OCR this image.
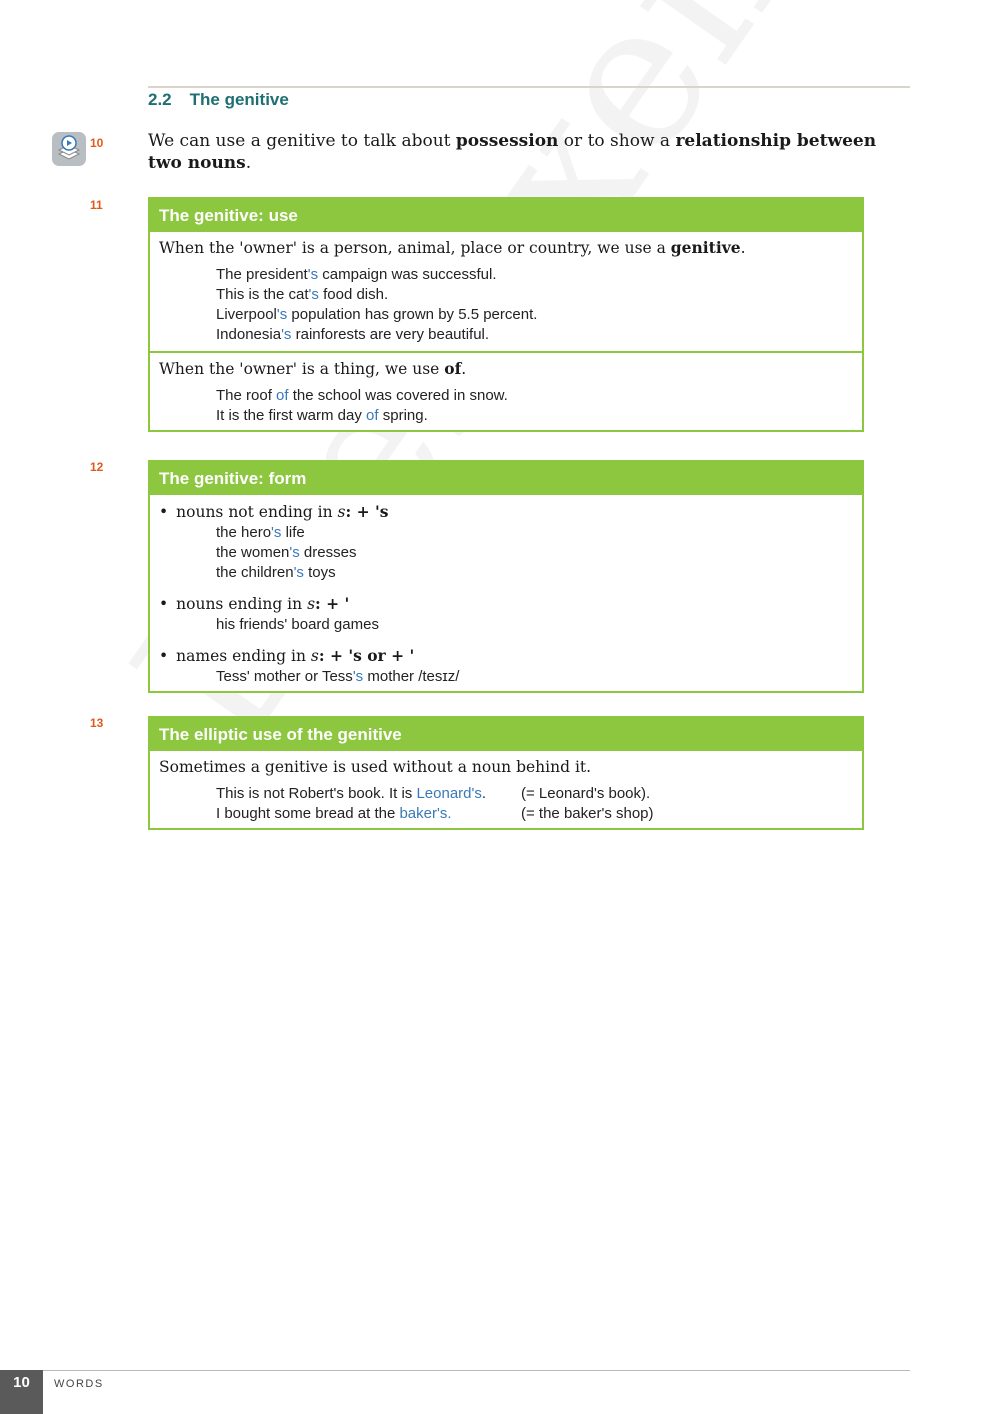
2.2 The genitive
10	We can use a genitive to talk about possession or to show a relationship between two nouns.
11
The genitive: use
When the 'owner' is a person, animal, place or country, we use a genitive.
The president's campaign was successful.
This is the cat's food dish.
Liverpool's population has grown by 5.5 percent.
Indonesia's rainforests are very beautiful.
When the 'owner' is a thing, we use of.
The roof of the school was covered in snow.
It is the first warm day of spring.
12
The genitive: form
• nouns not ending in s: + 's
the hero's life
the women's dresses
the children's toys
• nouns ending in s: + '
his friends' board games
• names ending in s: + 's or + '
Tess' mother or Tess's mother /tesɪz/
13
The elliptic use of the genitive
Sometimes a genitive is used without a noun behind it.
This is not Robert's book. It is Leonard's.	(= Leonard's book).
I bought some bread at the baker's.	(= the baker's shop)
10	WORDS
